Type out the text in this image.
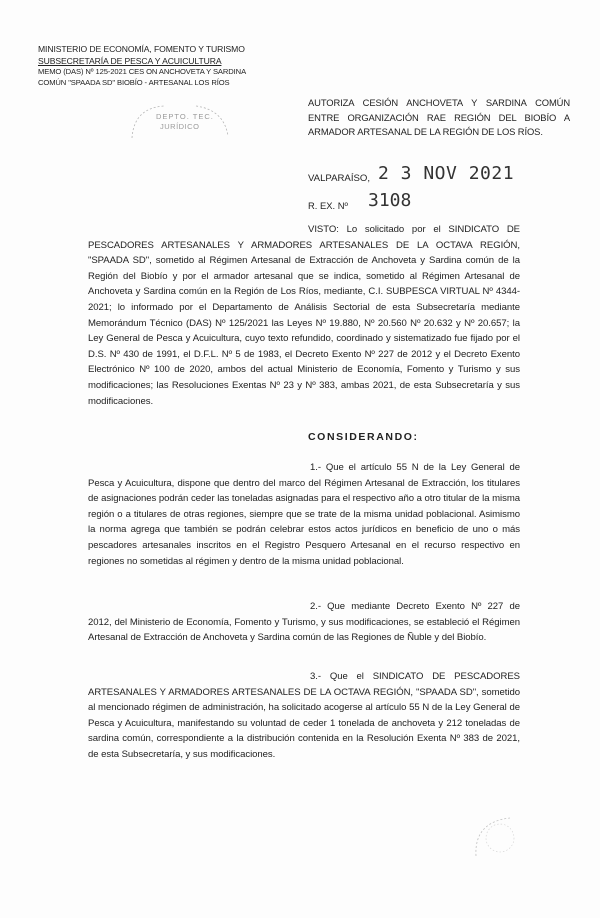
MINISTERIO DE ECONOMÍA, FOMENTO Y TURISMO
SUBSECRETARÍA DE PESCA Y ACUICULTURA
MEMO (DAS) Nº 125-2021 CES ON ANCHOVETA Y SARDINA
COMÚN "SPAADA SD" BIOBÍO - ARTESANAL LOS RÍOS
DEPTO. TEC.
JURÍDICO
AUTORIZA CESIÓN ANCHOVETA Y SARDINA COMÚN ENTRE ORGANIZACIÓN RAE REGIÓN DEL BIOBÍO A ARMADOR ARTESANAL DE LA REGIÓN DE LOS RÍOS.
VALPARAÍSO, 2 3 NOV 2021
R. EX. Nº 3108
VISTO: Lo solicitado por el SINDICATO DE PESCADORES ARTESANALES Y ARMADORES ARTESANALES DE LA OCTAVA REGIÓN, "SPAADA SD", sometido al Régimen Artesanal de Extracción de Anchoveta y Sardina común de la Región del Biobío y por el armador artesanal que se indica, sometido al Régimen Artesanal de Anchoveta y Sardina común en la Región de Los Ríos, mediante, C.I. SUBPESCA VIRTUAL Nº 4344-2021; lo informado por el Departamento de Análisis Sectorial de esta Subsecretaría mediante Memorándum Técnico (DAS) Nº 125/2021 las Leyes Nº 19.880, Nº 20.560 Nº 20.632 y Nº 20.657; la Ley General de Pesca y Acuicultura, cuyo texto refundido, coordinado y sistematizado fue fijado por el D.S. Nº 430 de 1991, el D.F.L. Nº 5 de 1983, el Decreto Exento Nº 227 de 2012 y el Decreto Exento Electrónico Nº 100 de 2020, ambos del actual Ministerio de Economía, Fomento y Turismo y sus modificaciones; las Resoluciones Exentas Nº 23 y Nº 383, ambas 2021, de esta Subsecretaría y sus modificaciones.
CONSIDERANDO:
1.- Que el artículo 55 N de la Ley General de Pesca y Acuicultura, dispone que dentro del marco del Régimen Artesanal de Extracción, los titulares de asignaciones podrán ceder las toneladas asignadas para el respectivo año a otro titular de la misma región o a titulares de otras regiones, siempre que se trate de la misma unidad poblacional. Asimismo la norma agrega que también se podrán celebrar estos actos jurídicos en beneficio de uno o más pescadores artesanales inscritos en el Registro Pesquero Artesanal en el recurso respectivo en regiones no sometidas al régimen y dentro de la misma unidad poblacional.
2.- Que mediante Decreto Exento Nº 227 de 2012, del Ministerio de Economía, Fomento y Turismo, y sus modificaciones, se estableció el Régimen Artesanal de Extracción de Anchoveta y Sardina común de las Regiones de Ñuble y del Biobío.
3.- Que el SINDICATO DE PESCADORES ARTESANALES Y ARMADORES ARTESANALES DE LA OCTAVA REGIÓN, "SPAADA SD", sometido al mencionado régimen de administración, ha solicitado acogerse al artículo 55 N de la Ley General de Pesca y Acuicultura, manifestando su voluntad de ceder 1 tonelada de anchoveta y 212 toneladas de sardina común, correspondiente a la distribución contenida en la Resolución Exenta Nº 383 de 2021, de esta Subsecretaría, y sus modificaciones.
